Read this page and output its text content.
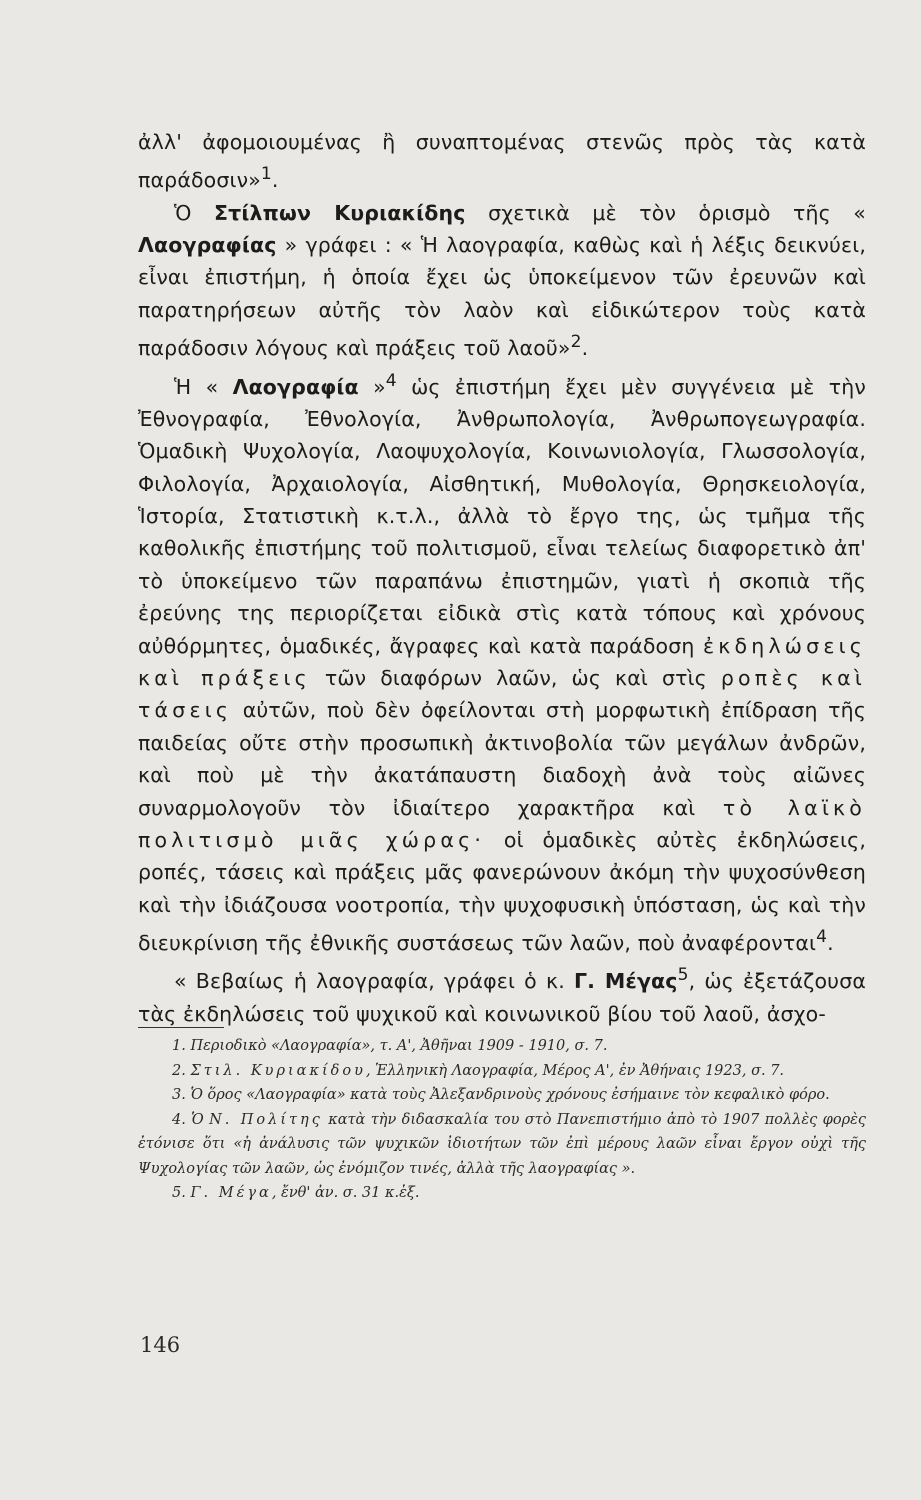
ἀλλ' ἀφομοιουμένας ἢ συναπτομένας στενῶς πρὸς τὰς κατὰ παράδοσιν»$^1$.

Ὁ Στίλπων Κυριακίδης σχετικὰ μὲ τὸν ὁρισμὸ τῆς « Λαογραφίας » γράφει : « Ἡ λαογραφία, καθὼς καὶ ἡ λέξις δεικνύει, εἶναι ἐπιστήμη, ἡ ὁποία ἔχει ὡς ὑποκείμενον τῶν ἐρευνῶν καὶ παρατηρήσεων αὐτῆς τὸν λαὸν καὶ εἰδικώτερον τοὺς κατὰ παράδοσιν λόγους καὶ πράξεις τοῦ λαοῦ»$^2$.

Ἡ « Λαογραφία »$^4$ ὡς ἐπιστήμη ἔχει μὲν συγγένεια μὲ τὴν Ἐθνογραφία, Ἐθνολογία, Ἀνθρωπολογία, Ἀνθρωπογεωγραφία. Ὁμαδικὴ Ψυχολογία, Λαοψυχολογία, Κοινωνιολογία, Γλωσσολογία, Φιλολογία, Ἀρχαιολογία, Αἰσθητική, Μυθολογία, Θρησκειολογία, Ἱστορία, Στατιστικὴ κ.τ.λ., ἀλλὰ τὸ ἔργο της, ὡς τμῆμα τῆς καθολικῆς ἐπιστήμης τοῦ πολιτισμοῦ, εἶναι τελείως διαφορετικὸ ἀπ' τὸ ὑποκείμενο τῶν παραπάνω ἐπιστημῶν, γιατὶ ἡ σκοπιὰ τῆς ἐρεύνης της περιορίζεται εἰδικὰ στὶς κατὰ τόπους καὶ χρόνους αὐθόρμητες, ὁμαδικές, ἄγραφες καὶ κατὰ παράδοση ἐκδηλώσεις καὶ πράξεις τῶν διαφόρων λαῶν, ὡς καὶ στὶς ροπὲς καὶ τάσεις αὐτῶν, ποὺ δὲν ὀφείλονται στὴ μορφωτικὴ ἐπίδραση τῆς παιδείας οὔτε στὴν προσωπικὴ ἀκτινοβολία τῶν μεγάλων ἀνδρῶν, καὶ ποὺ μὲ τὴν ἀκατάπαυστη διαδοχὴ ἀνὰ τοὺς αἰῶνες συναρμολογοῦν τὸν ἰδιαίτερο χαρακτῆρα καὶ τὸ λαϊκὸ πολιτισμὸ μιᾶς χώρας· οἱ ὁμαδικὲς αὐτὲς ἐκδηλώσεις, ροπές, τάσεις καὶ πράξεις μᾶς φανερώνουν ἀκόμη τὴν ψυχοσύνθεση καὶ τὴν ἰδιάζουσα νοοτροπία, τὴν ψυχοφυσικὴ ὑπόσταση, ὡς καὶ τὴν διευκρίνιση τῆς ἐθνικῆς συστάσεως τῶν λαῶν, ποὺ ἀναφέρονται$^4$.

« Βεβαίως ἡ λαογραφία, γράφει ὁ κ. Γ. Μέγας$^5$, ὡς ἐξετάζουσα τὰς ἐκδηλώσεις τοῦ ψυχικοῦ καὶ κοινωνικοῦ βίου τοῦ λαοῦ, ἀσχο-

1. Περιοδικὸ «Λαογραφία», τ. Α', Ἀθῆναι 1909 - 1910, σ. 7.

2. Στιλ. Κυριακίδου, Ἑλληνικὴ Λαογραφία, Μέρος Α', ἐν Ἀθήναις 1923, σ. 7.

3. Ὁ ὅρος «Λαογραφία» κατὰ τοὺς Ἀλεξανδρινοὺς χρόνους ἐσήμαινε τὸν κεφαλικὸ φόρο.

4. Ὁ Ν. Πολίτης κατὰ τὴν διδασκαλία του στὸ Πανεπιστήμιο ἀπὸ τὸ 1907 πολλὲς φορὲς ἐτόνισε ὅτι «ἡ ἀνάλυσις τῶν ψυχικῶν ἰδιοτήτων τῶν ἐπὶ μέρους λαῶν εἶναι ἔργον οὐχὶ τῆς Ψυχολογίας τῶν λαῶν, ὡς ἐνόμιζον τινές, ἀλλὰ τῆς λαογραφίας ».

5. Γ. Μέγα, ἔνθ' ἀν. σ. 31 κ.ἑξ.

146
